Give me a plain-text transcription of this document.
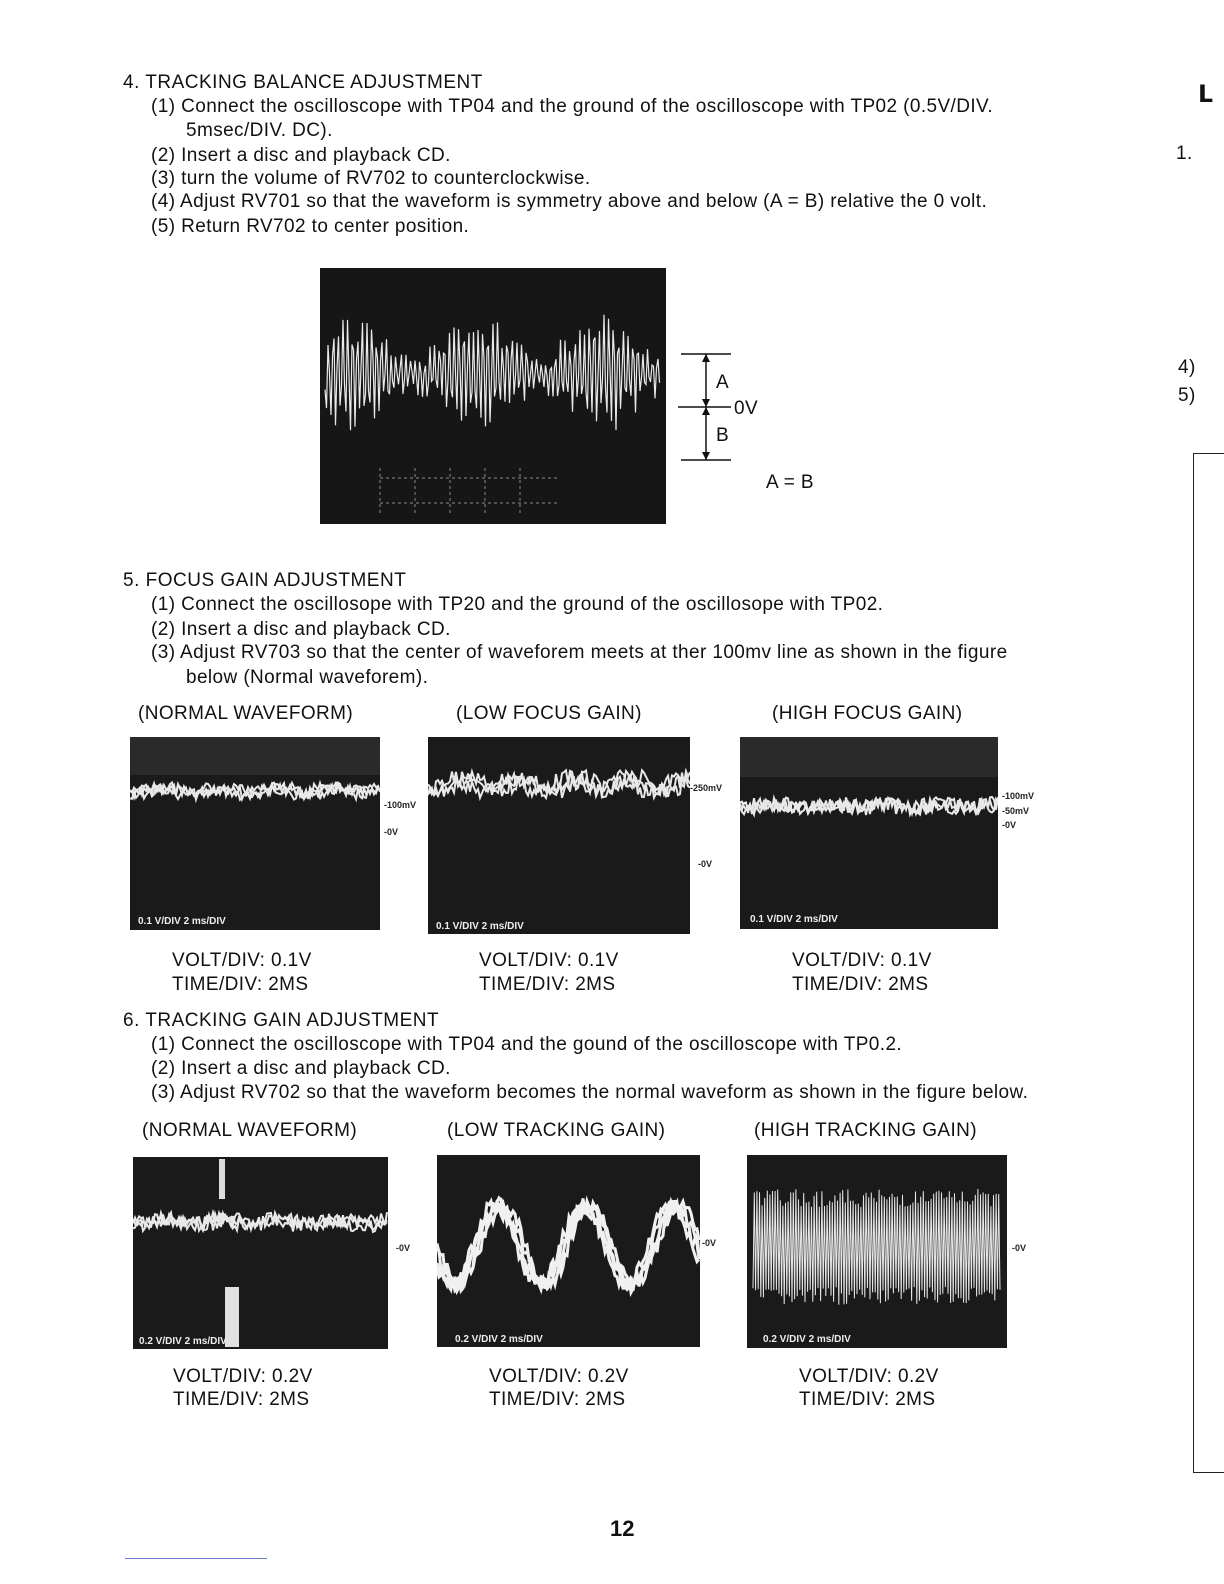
4. TRACKING BALANCE ADJUSTMENT
(1) Connect the oscilloscope with TP04 and the ground of the oscilloscope with TP02 (0.5V/DIV.
5msec/DIV. DC).
(2) Insert a disc and playback CD.
(3) turn the volume of RV702 to counterclockwise.
(4) Adjust RV701 so that the waveform is symmetry above and below (A = B) relative the 0 volt.
(5) Return RV702 to center position.
A
0V
B
A = B
5. FOCUS GAIN ADJUSTMENT
(1) Connect the oscillosope with TP20 and the ground of the oscillosope with TP02.
(2) Insert a disc and playback CD.
(3) Adjust RV703 so that the center of waveforem meets at ther 100mv line as shown in the figure
below (Normal waveforem).
(NORMAL WAVEFORM)	(LOW FOCUS GAIN)	(HIGH FOCUS GAIN)
0.1 V/DIV 2 ms/DIV
-100mV
-0V
0.1 V/DIV 2 ms/DIV
-250mV
-0V
0.1 V/DIV 2 ms/DIV
-100mV
-50mV
-0V
VOLT/DIV: 0.1V
TIME/DIV: 2MS
VOLT/DIV: 0.1V
TIME/DIV: 2MS
VOLT/DIV: 0.1V
TIME/DIV: 2MS
6. TRACKING GAIN ADJUSTMENT
(1) Connect the oscilloscope with TP04 and the gound of the oscilloscope with TP0.2.
(2) Insert a disc and playback CD.
(3) Adjust RV702 so that the waveform becomes the normal waveform as shown in the figure below.
(NORMAL WAVEFORM)	(LOW TRACKING GAIN)	(HIGH TRACKING GAIN)
0.2 V/DIV 2 ms/DIV
-0V
0.2 V/DIV 2 ms/DIV
-0V
0.2 V/DIV 2 ms/DIV
-0V
VOLT/DIV: 0.2V
TIME/DIV: 2MS
VOLT/DIV: 0.2V
TIME/DIV: 2MS
VOLT/DIV: 0.2V
TIME/DIV: 2MS
12
ᒪ
1.
4)
5)
